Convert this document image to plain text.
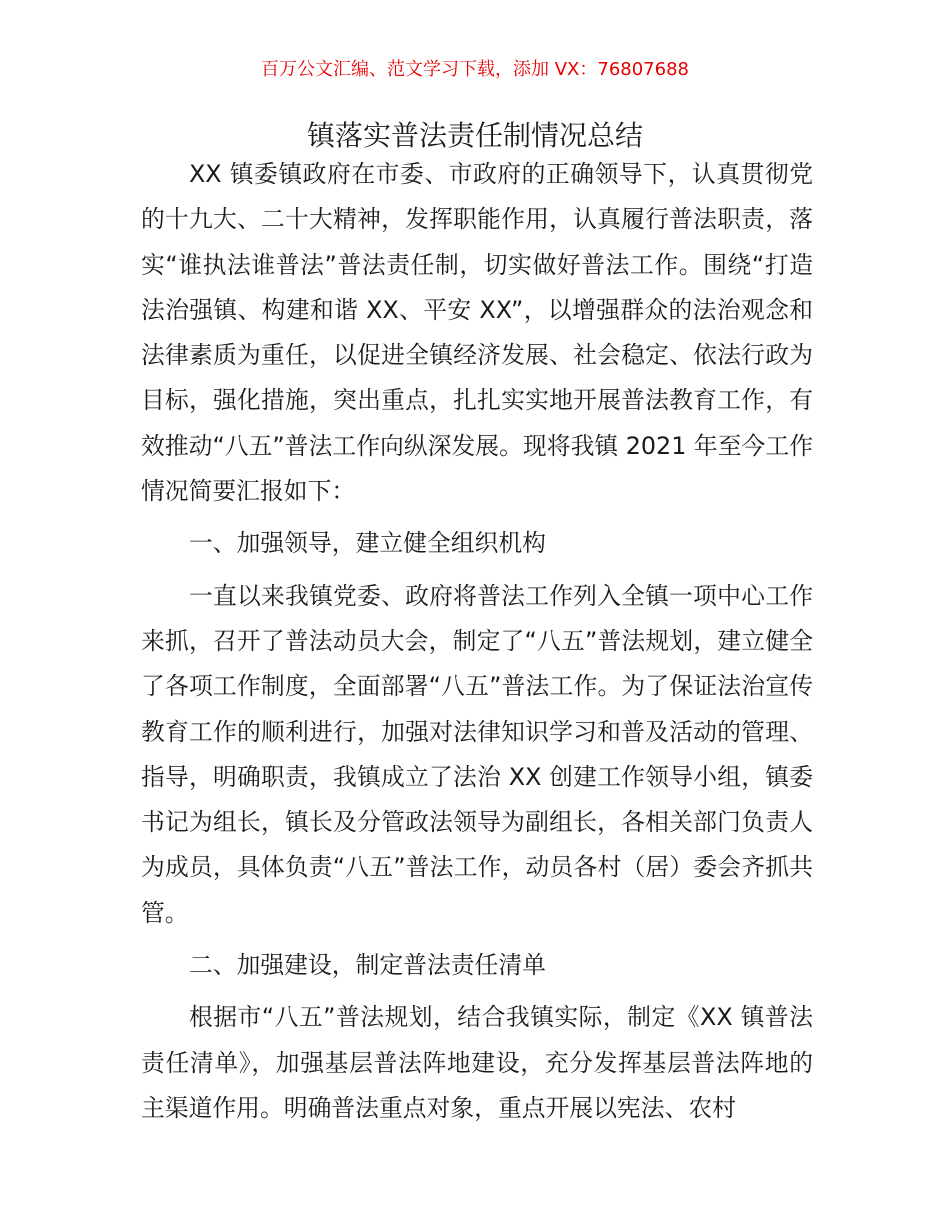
百万公文汇编、范文学习下载，添加 VX：76807688
镇落实普法责任制情况总结

XX 镇委镇政府在市委、市政府的正确领导下，认真贯彻党的十九大、二十大精神，发挥职能作用，认真履行普法职责，落实“谁执法谁普法”普法责任制，切实做好普法工作。围绕“打造法治强镇、构建和谐 XX、平安 XX”，以增强群众的法治观念和法律素质为重任，以促进全镇经济发展、社会稳定、依法行政为目标，强化措施，突出重点，扎扎实实地开展普法教育工作，有效推动“八五”普法工作向纵深发展。现将我镇 2021 年至今工作情况简要汇报如下：

一、加强领导，建立健全组织机构

一直以来我镇党委、政府将普法工作列入全镇一项中心工作来抓，召开了普法动员大会，制定了“八五”普法规划，建立健全了各项工作制度，全面部署“八五”普法工作。为了保证法治宣传教育工作的顺利进行，加强对法律知识学习和普及活动的管理、指导，明确职责，我镇成立了法治 XX 创建工作领导小组，镇委书记为组长，镇长及分管政法领导为副组长，各相关部门负责人为成员，具体负责“八五”普法工作，动员各村（居）委会齐抓共管。

二、加强建设，制定普法责任清单

根据市“八五”普法规划，结合我镇实际，制定《XX 镇普法责任清单》，加强基层普法阵地建设，充分发挥基层普法阵地的主渠道作用。明确普法重点对象，重点开展以宪法、农村
